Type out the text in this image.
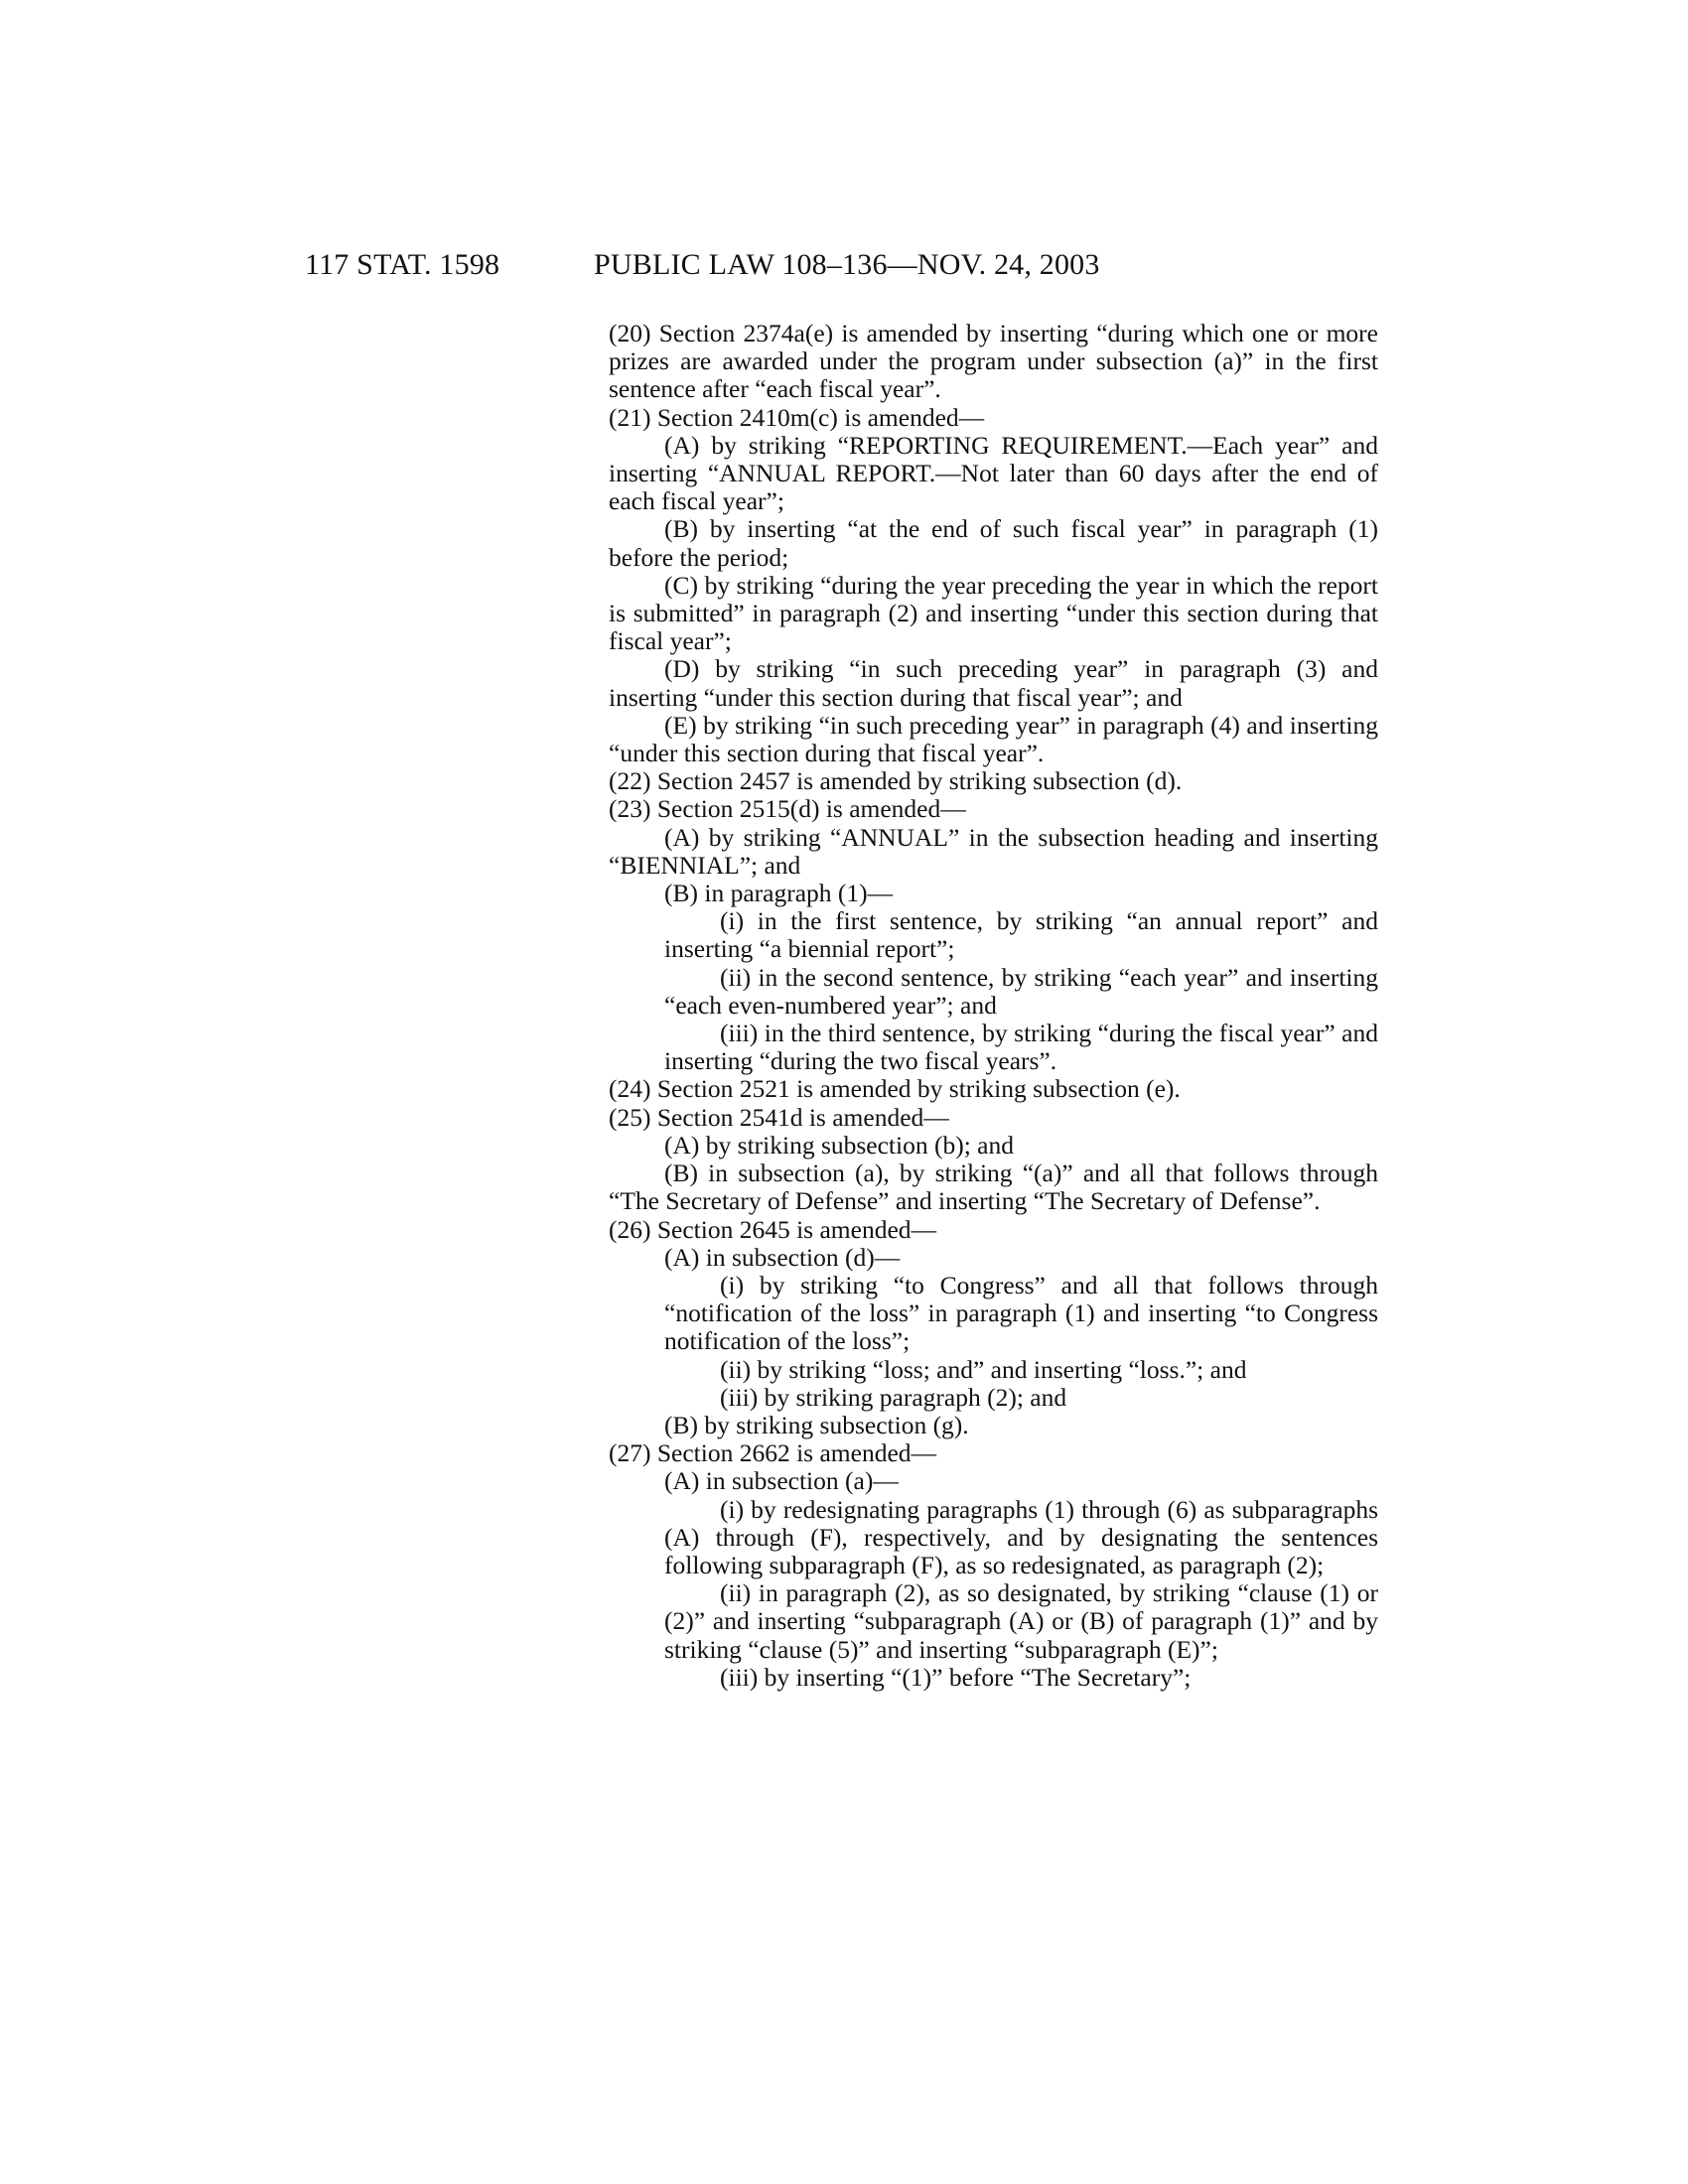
117 STAT. 1598	PUBLIC LAW 108–136—NOV. 24, 2003

(20) Section 2374a(e) is amended by inserting “during which one or more prizes are awarded under the program under subsection (a)” in the first sentence after “each fiscal year”.

(21) Section 2410m(c) is amended—

(A) by striking “REPORTING REQUIREMENT.—Each year” and inserting “ANNUAL REPORT.—Not later than 60 days after the end of each fiscal year”;

(B) by inserting “at the end of such fiscal year” in paragraph (1) before the period;

(C) by striking “during the year preceding the year in which the report is submitted” in paragraph (2) and inserting “under this section during that fiscal year”;

(D) by striking “in such preceding year” in paragraph (3) and inserting “under this section during that fiscal year”; and

(E) by striking “in such preceding year” in paragraph (4) and inserting “under this section during that fiscal year”.

(22) Section 2457 is amended by striking subsection (d).

(23) Section 2515(d) is amended—

(A) by striking “ANNUAL” in the subsection heading and inserting “BIENNIAL”; and

(B) in paragraph (1)—

(i) in the first sentence, by striking “an annual report” and inserting “a biennial report”;

(ii) in the second sentence, by striking “each year” and inserting “each even-numbered year”; and

(iii) in the third sentence, by striking “during the fiscal year” and inserting “during the two fiscal years”.

(24) Section 2521 is amended by striking subsection (e).

(25) Section 2541d is amended—

(A) by striking subsection (b); and

(B) in subsection (a), by striking “(a)” and all that follows through “The Secretary of Defense” and inserting “The Secretary of Defense”.

(26) Section 2645 is amended—

(A) in subsection (d)—

(i) by striking “to Congress” and all that follows through “notification of the loss” in paragraph (1) and inserting “to Congress notification of the loss”;

(ii) by striking “loss; and” and inserting “loss.”; and

(iii) by striking paragraph (2); and

(B) by striking subsection (g).

(27) Section 2662 is amended—

(A) in subsection (a)—

(i) by redesignating paragraphs (1) through (6) as subparagraphs (A) through (F), respectively, and by designating the sentences following subparagraph (F), as so redesignated, as paragraph (2);

(ii) in paragraph (2), as so designated, by striking “clause (1) or (2)” and inserting “subparagraph (A) or (B) of paragraph (1)” and by striking “clause (5)” and inserting “subparagraph (E)”;

(iii) by inserting “(1)” before “The Secretary”;
